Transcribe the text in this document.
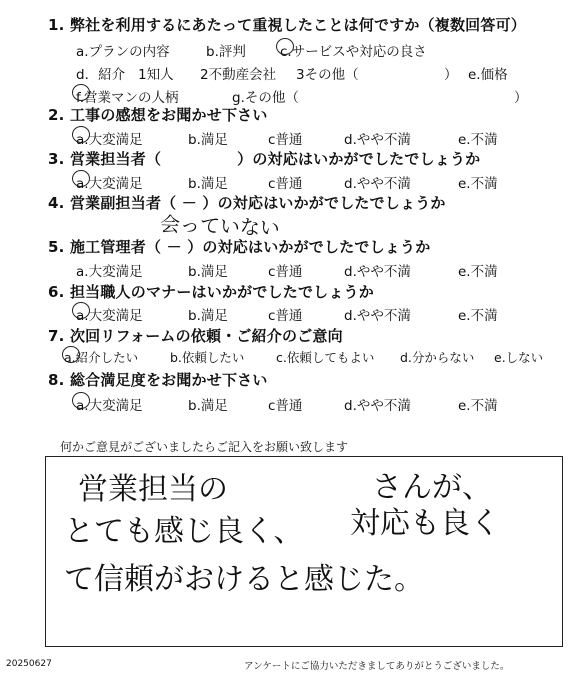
1. 弊社を利用するにあたって重視したことは何ですか（複数回答可）
a.プランの内容	b.評判	c.サービスや対応の良さ
d．紹介 1知人 2不動産会社 3その他（	） e.価格
f.営業マンの人柄	g.その他（	）
2. 工事の感想をお聞かせ下さい
a.大変満足	b.満足	c普通	d.やや不満	e.不満
3. 営業担当者（　　　　　）の対応はいかがでしたでしょうか
a.大変満足	b.満足	c普通	d.やや不満	e.不満
4. 営業副担当者（ － ）の対応はいかがでしたでしょうか
会っていない
5. 施工管理者（ － ）の対応はいかがでしたでしょうか
a.大変満足	b.満足	c普通	d.やや不満	e.不満
6. 担当職人のマナーはいかがでしたでしょうか
a.大変満足	b.満足	c普通	d.やや不満	e.不満
7. 次回リフォームの依頼・ご紹介のご意向
a.紹介したい	b.依頼したい	c.依頼してもよい d.分からない e.しない
8. 総合満足度をお聞かせ下さい
a.大変満足	b.満足	c普通	d.やや不満	e.不満
何かご意見がございましたらご記入をお願い致します
営業担当の	さんが、
とても感じ良く、 対応も良く
て信頼がおけると感じた。
20250627	アンケートにご協力いただきましてありがとうございました。
